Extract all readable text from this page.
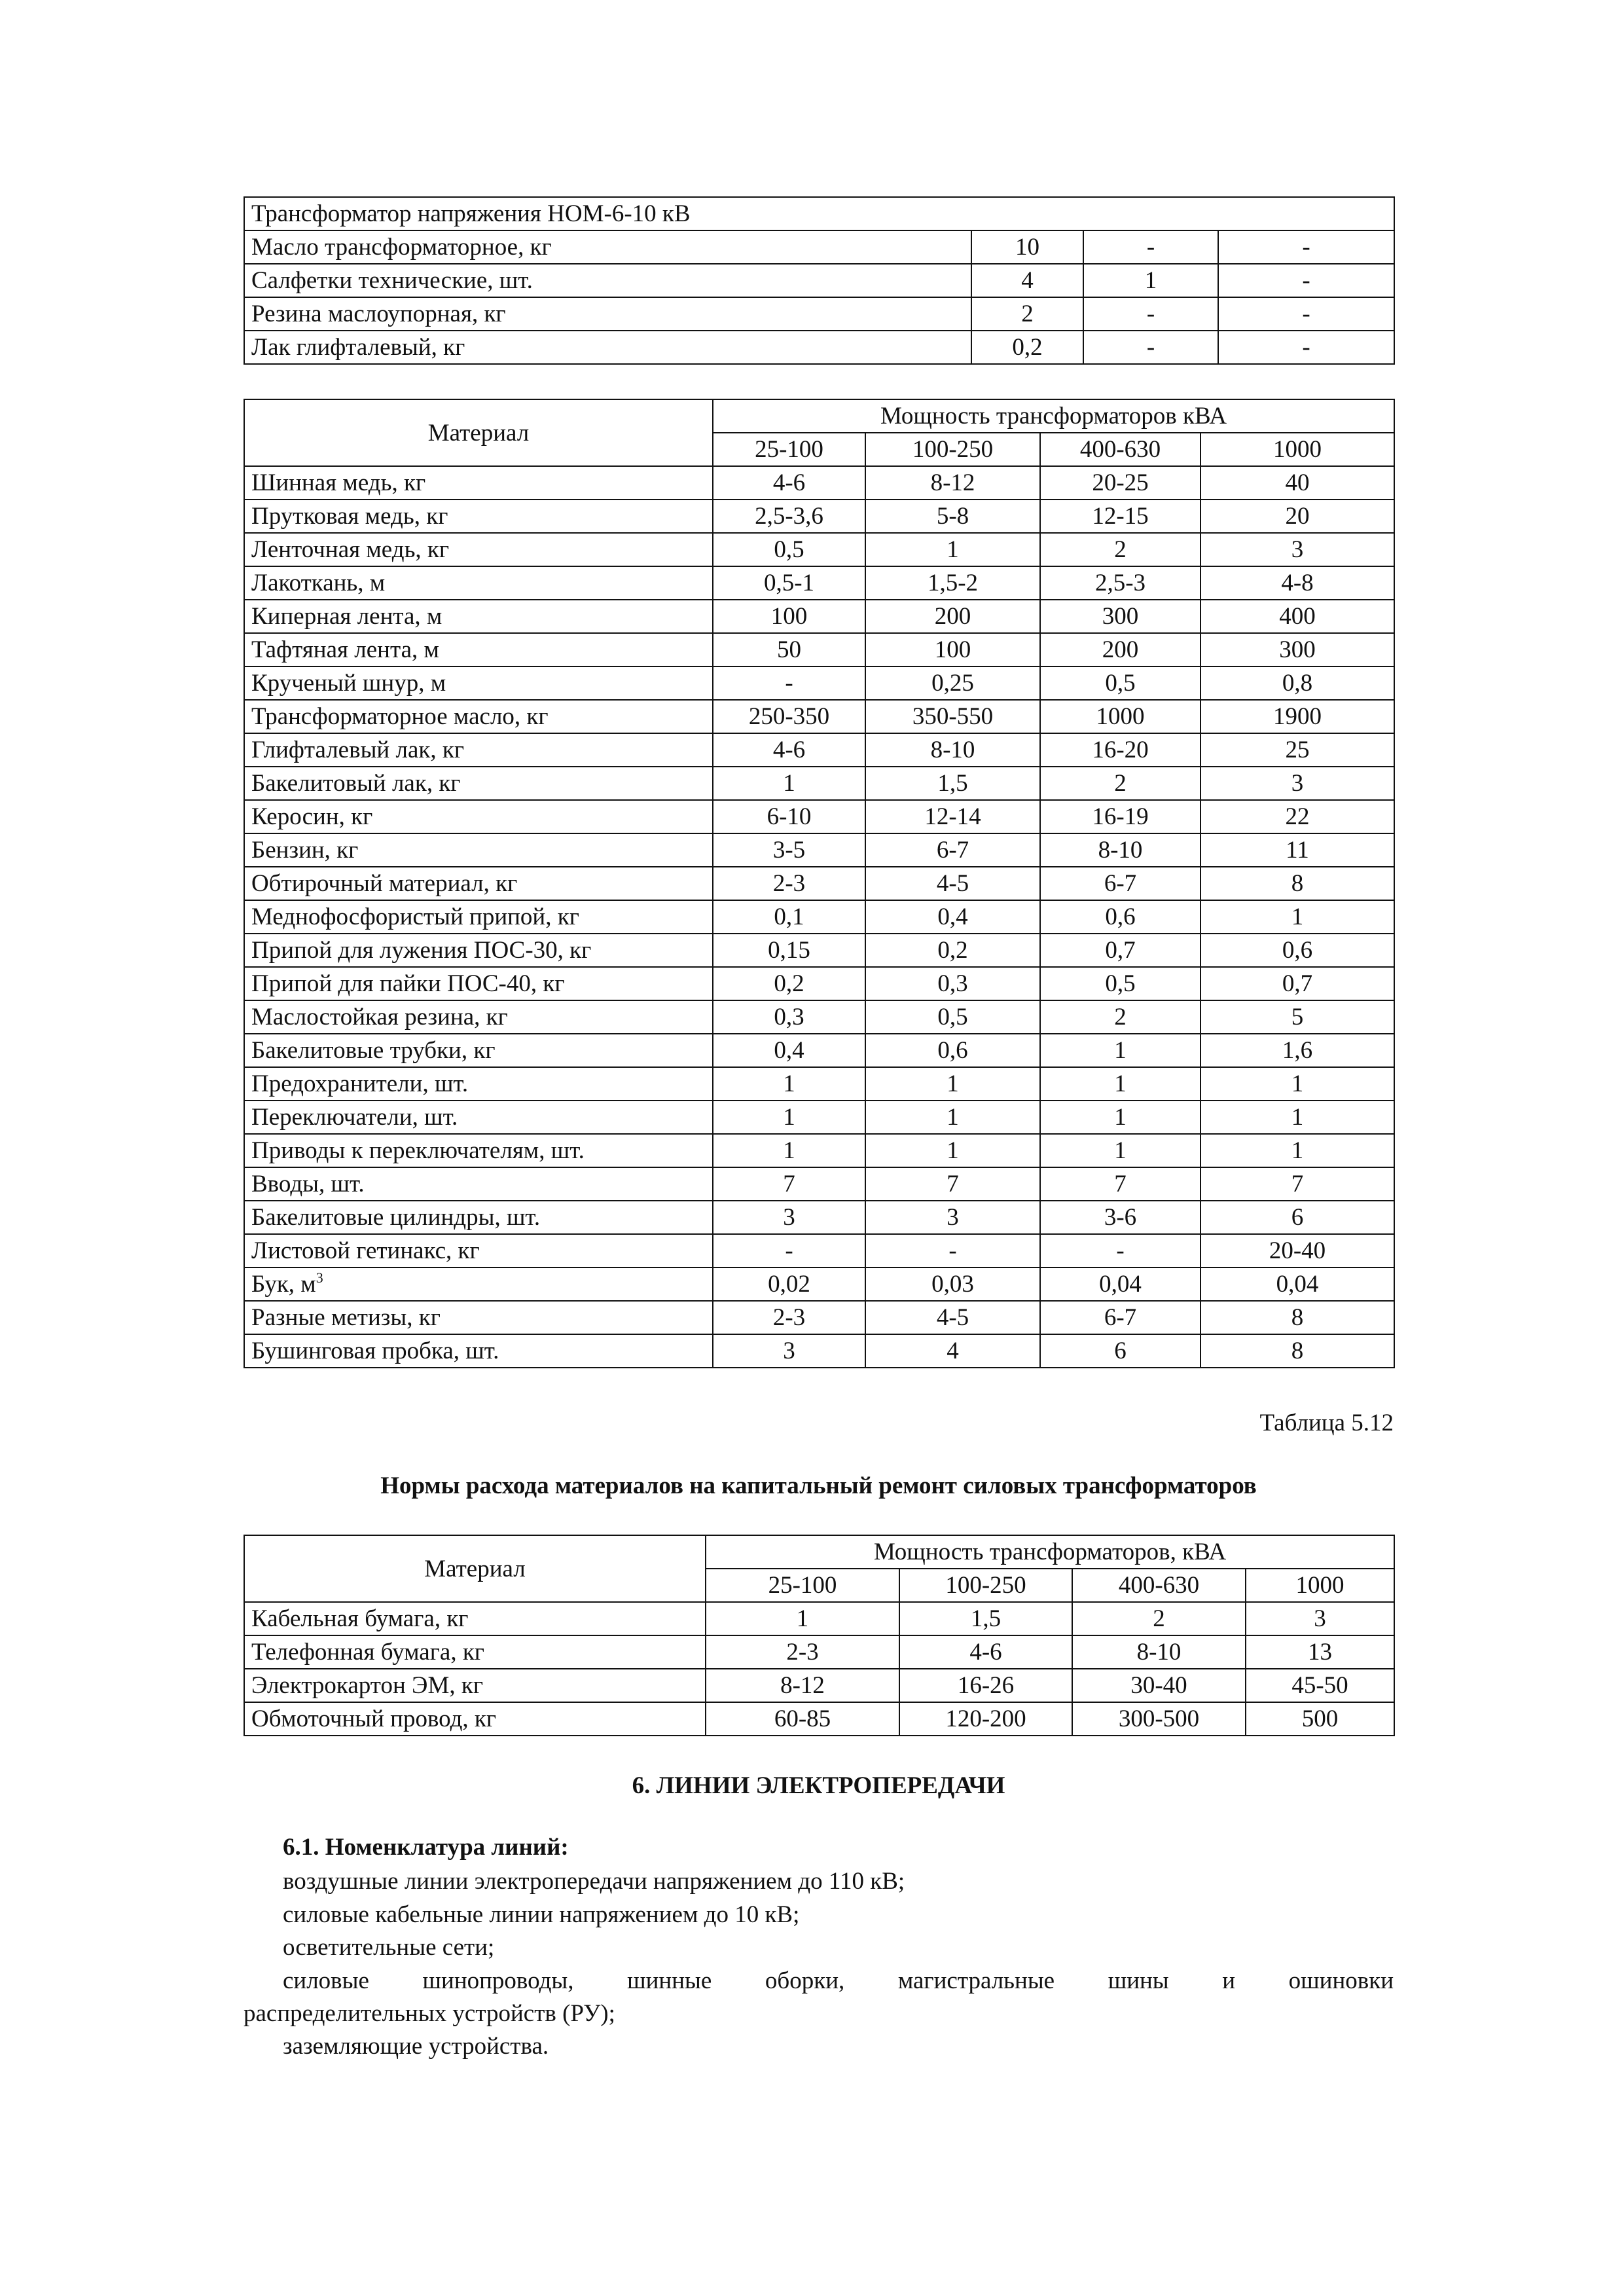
Трансформатор напряжения НОМ-6-10 кВ			
Масло трансформаторное, кг	10	-	-
Салфетки технические, шт.	4	1	-
Резина маслоупорная, кг	2	-	-
Лак глифталевый, кг	0,2	-	-
Материал	Мощность трансформаторов кВА			
	25-100	100-250	400-630	1000
Шинная медь, кг	4-6	8-12	20-25	40
Прутковая медь, кг	2,5-3,6	5-8	12-15	20
Ленточная медь, кг	0,5	1	2	3
Лакоткань, м	0,5-1	1,5-2	2,5-3	4-8
Киперная лента, м	100	200	300	400
Тафтяная лента, м	50	100	200	300
Крученый шнур, м	-	0,25	0,5	0,8
Трансформаторное масло, кг	250-350	350-550	1000	1900
Глифталевый лак, кг	4-6	8-10	16-20	25
Бакелитовый лак, кг	1	1,5	2	3
Керосин, кг	6-10	12-14	16-19	22
Бензин, кг	3-5	6-7	8-10	11
Обтирочный материал, кг	2-3	4-5	6-7	8
Меднофосфористый припой, кг	0,1	0,4	0,6	1
Припой для лужения ПОС-30, кг	0,15	0,2	0,7	0,6
Припой для пайки ПОС-40, кг	0,2	0,3	0,5	0,7
Маслостойкая резина, кг	0,3	0,5	2	5
Бакелитовые трубки, кг	0,4	0,6	1	1,6
Предохранители, шт.	1	1	1	1
Переключатели, шт.	1	1	1	1
Приводы к переключателям, шт.	1	1	1	1
Вводы, шт.	7	7	7	7
Бакелитовые цилиндры, шт.	3	3	3-6	6
Листовой гетинакс, кг	-	-	-	20-40
Бук, $м^3$	0,02	0,03	0,04	0,04
Разные метизы, кг	2-3	4-5	6-7	8
Бушинговая пробка, шт.	3	4	6	8
Таблица 5.12
Нормы расхода материалов на капитальный ремонт силовых трансформаторов
Материал	Мощность трансформаторов, кВА			
	25-100	100-250	400-630	1000
Кабельная бумага, кг	1	1,5	2	3
Телефонная бумага, кг	2-3	4-6	8-10	13
Электрокартон ЭМ, кг	8-12	16-26	30-40	45-50
Обмоточный провод, кг	60-85	120-200	300-500	500
6. ЛИНИИ ЭЛЕКТРОПЕРЕДАЧИ
6.1. Номенклатура линий:
воздушные линии электропередачи напряжением до 110 кВ;
силовые кабельные линии напряжением до 10 кВ;
осветительные сети;
силовые шинопроводы, шинные оборки, магистральные шины и ошиновки
распределительных устройств (РУ);
заземляющие устройства.
